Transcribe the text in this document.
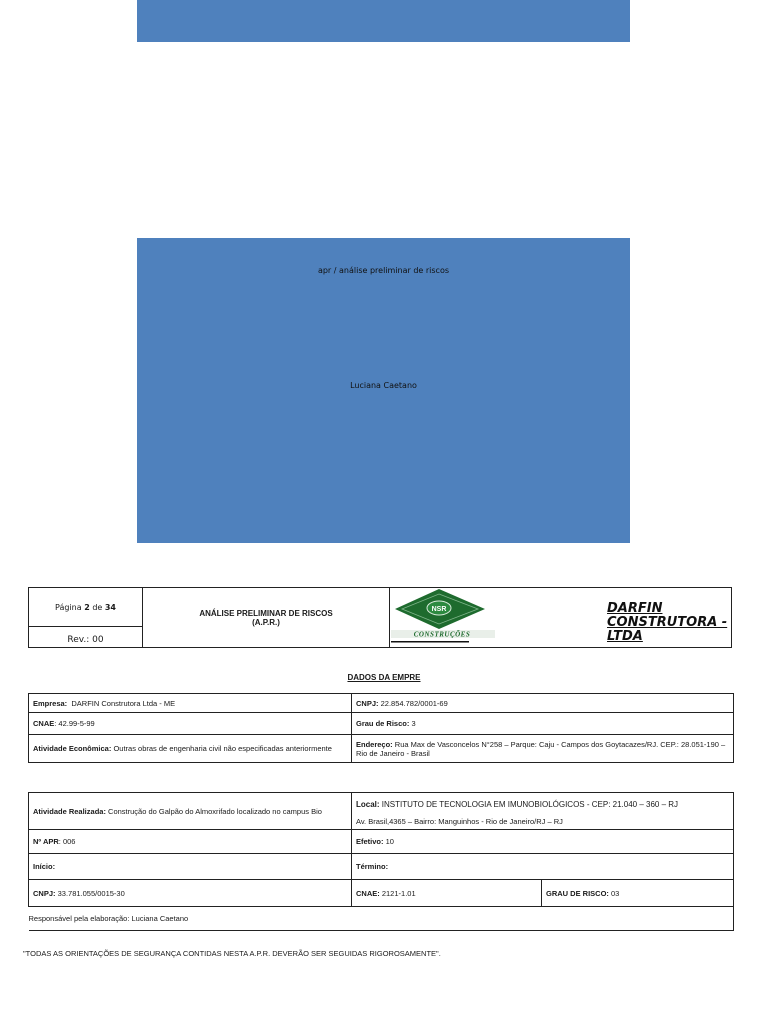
apr / análise preliminar de riscos
Luciana Caetano
Página 2 de 34
Rev.: 00
ANÁLISE PRELIMINAR DE RISCOS
(A.P.R.)
NSR
CONSTRUÇÕES
DARFIN CONSTRUTORA - LTDA
DADOS DA EMPRE
Empresa: DARFIN Construtora Ltda - ME	CNPJ: 22.854.782/0001-69
CNAE: 42.99-5-99	Grau de Risco: 3
Atividade Econômica: Outras obras de engenharia civil não especificadas anteriormente	Endereço: Rua Max de Vasconcelos N°258 – Parque: Caju - Campos dos Goytacazes/RJ. CEP.: 28.051-190 – Rio de Janeiro - Brasil
Atividade Realizada: Construção do Galpão do Almoxrifado localizado no campus Bio	Local: INSTITUTO DE TECNOLOGIA EM IMUNOBIOLÓGICOS - CEP: 21.040 – 360 – RJ
Av. Brasil,4365 – Bairro: Manguinhos - Rio de Janeiro/RJ – RJ	

Nº APR: 006	Efetivo: 10	
Início:	Término:	
CNPJ: 33.781.055/0015-30	CNAE: 2121-1.01	GRAU DE RISCO: 03
Responsável pela elaboração: Luciana Caetano		
"TODAS AS ORIENTAÇÕES DE SEGURANÇA CONTIDAS NESTA A.P.R. DEVERÃO SER SEGUIDAS RIGOROSAMENTE".
